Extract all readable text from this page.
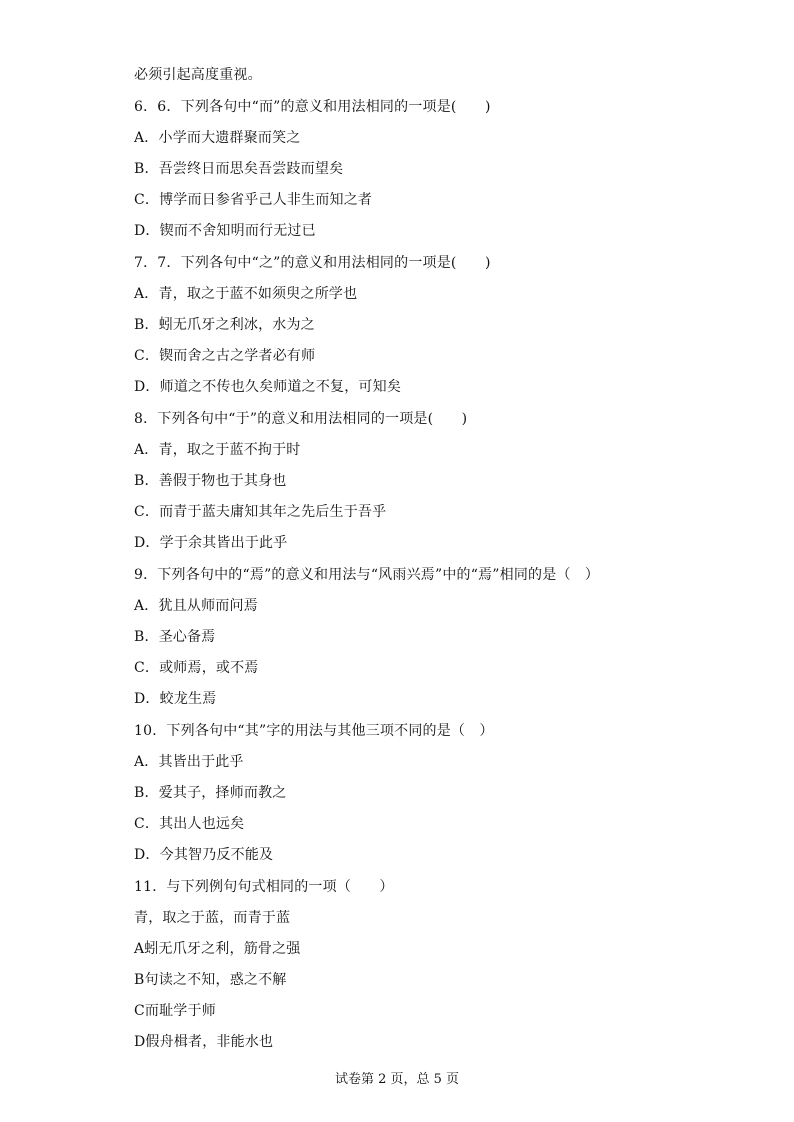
必须引起高度重视。
6．6．下列各句中“而”的意义和用法相同的一项是(　　)
A．小学而大遗群聚而笑之
B．吾尝终日而思矣吾尝跂而望矣
C．博学而日参省乎己人非生而知之者
D．锲而不舍知明而行无过已
7．7．下列各句中“之”的意义和用法相同的一项是(　　)
A．青，取之于蓝不如须臾之所学也
B．蚓无爪牙之利冰，水为之
C．锲而舍之古之学者必有师
D．师道之不传也久矣师道之不复，可知矣
8．下列各句中“于”的意义和用法相同的一项是(　　)
A．青，取之于蓝不拘于时
B．善假于物也于其身也
C．而青于蓝夫庸知其年之先后生于吾乎
D．学于余其皆出于此乎
9．下列各句中的“焉”的意义和用法与“风雨兴焉”中的“焉”相同的是（　）
A．犹且从师而问焉
B．圣心备焉
C．或师焉，或不焉
D．蛟龙生焉
10．下列各句中“其”字的用法与其他三项不同的是（　）
A．其皆出于此乎
B．爱其子，择师而教之
C．其出人也远矣
D．今其智乃反不能及
11．与下列例句句式相同的一项（　　）
青，取之于蓝，而青于蓝
A蚓无爪牙之利，筋骨之强
B句读之不知，惑之不解
C而耻学于师
D假舟楫者，非能水也
试卷第 2 页，总 5 页
